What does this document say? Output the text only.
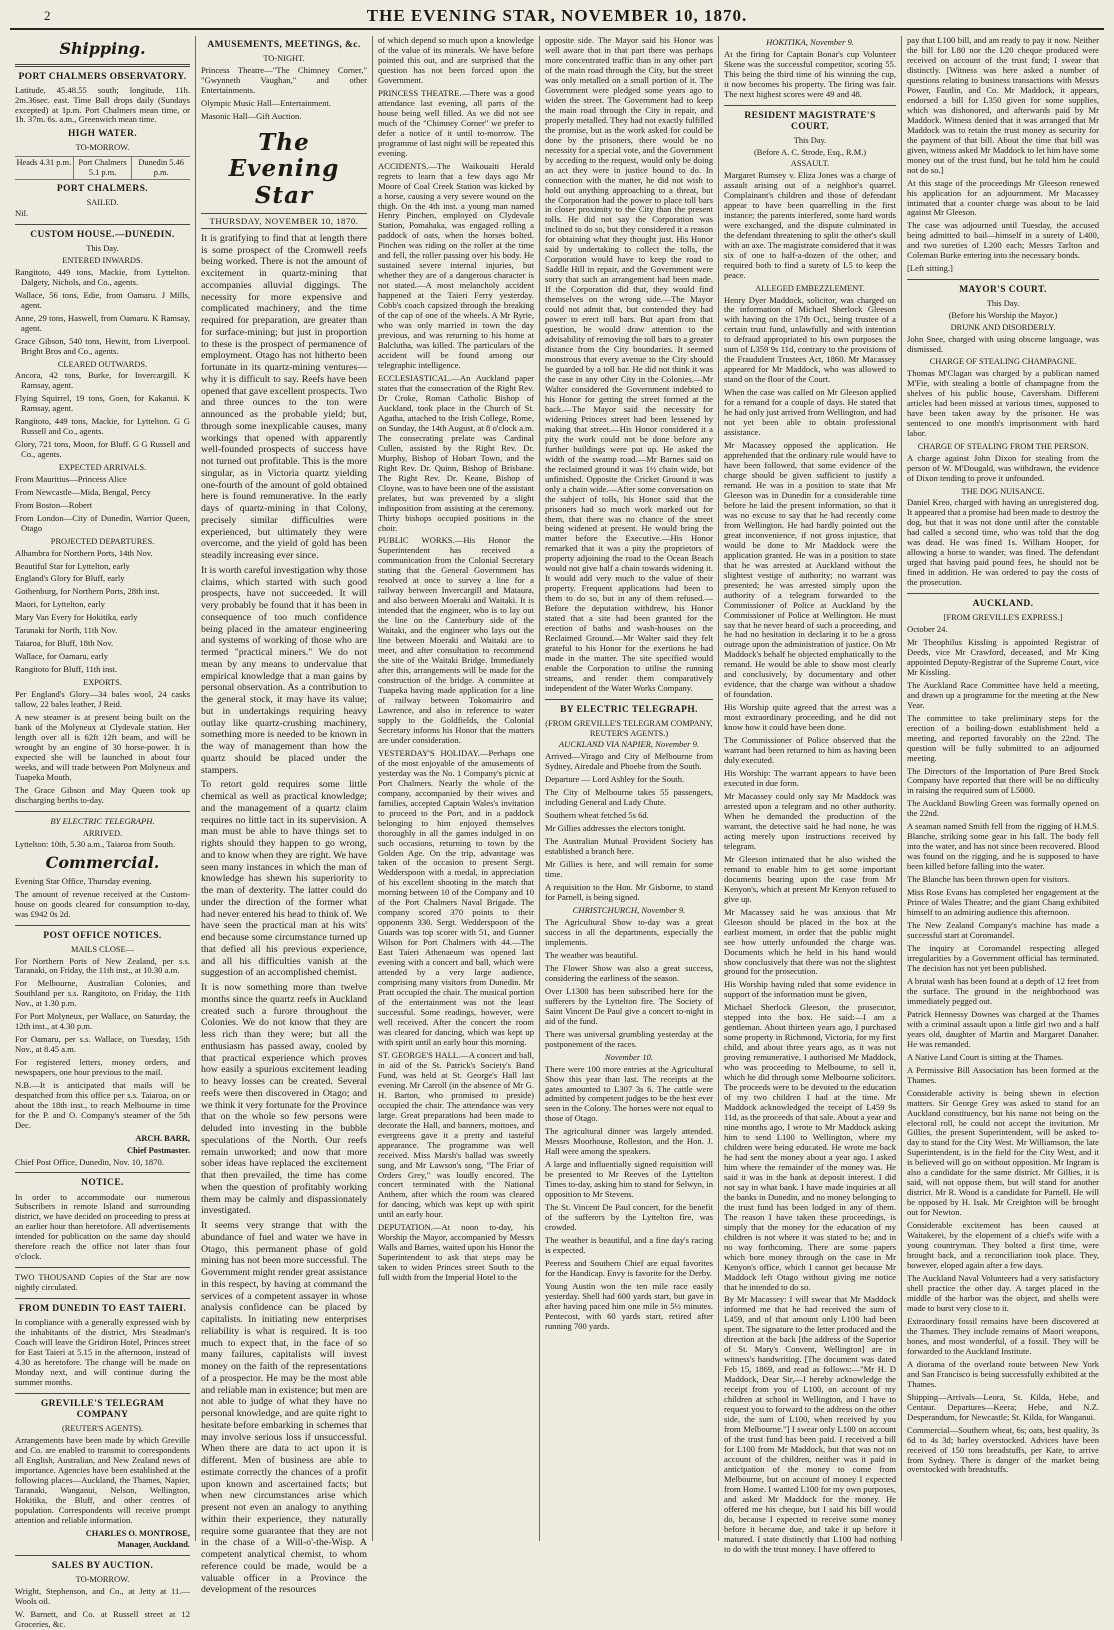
2	THE EVENING STAR, NOVEMBER 10, 1870.
Shipping.
PORT CHALMERS OBSERVATORY.

Latitude, 45.48.55 south; longitude, 11h. 2m.36sec. east. Time Ball drops daily (Sundays excepted) at 1p.m. Port Chalmers mean time, or 1h. 37m. 6s. a.m., Greenwich mean time.

HIGH WATER.
TO-MORROW.
Heads 4.31 p.m. Port Chalmers 5.1 p.m.
Dunedin 5.46 p.m.
PORT CHALMERS.
SAILED.

Nil.

CUSTOM HOUSE.—DUNEDIN.
This Day.
ENTERED INWARDS.

Rangitoto, 449 tons, Mackie, from Lyttelton. Dalgety, Nichols, and Co., agents.

Wallace, 56 tons, Edie, from Oamaru. J Mills, agent.

Anne, 29 tons, Haswell, from Oamaru. K Ramsay, agent.

Grace Gibson, 540 tons, Hewitt, from Liverpool. Bright Bros and Co., agents.

CLEARED OUTWARDS.

Ancora, 42 tons, Burke, for Invercargill. K Ramsay, agent.

Flying Squirrel, 19 tons, Goen, for Kakanui. K Ramsay, agent.

Rangitoto, 449 tons, Mackie, for Lyttelton. G G Russell and Co., agents.

Glory, 721 tons, Moon, for Bluff. G G Russell and Co., agents.

EXPECTED ARRIVALS.

From Mauritius—Princess Alice

From Newcastle—Mida, Bengal, Percy

From Boston—Robert

From London—City of Dunedin, Warrior Queen, Otago

PROJECTED DEPARTURES.

Alhambra for Northern Ports, 14th Nov.

Beautiful Star for Lyttelton, early

England's Glory for Bluff, early

Gothenburg, for Northern Ports, 28th inst.

Maori, for Lyttelton, early

Mary Van Every for Hokitika, early

Taranaki for North, 11th Nov.

Taiaroa, for Bluff, 18th Nov.

Wallace, for Oamaru, early

Rangitoto for Bluff, 11th inst.

EXPORTS.

Per England's Glory—34 bales wool, 24 casks tallow, 22 bales leather, J Reid.

A new steamer is at present being built on the bank of the Molyneux at Clydevale station. Her length over all is 62ft 12ft beam, and will be wrought by an engine of 30 horse-power. It is expected she will be launched in about four weeks, and will trade between Port Molyneux and Tuapeka Mouth.

The Grace Gibson and May Queen took up discharging berths to-day.

BY ELECTRIC TELEGRAPH.
ARRIVED.

Lyttelton: 10th, 5.30 a.m., Taiaroa from South.

Commercial.

Evening Star Office, Thursday evening.

The amount of revenue received at the Custom-house on goods cleared for consumption to-day, was £942 0s 2d.

POST OFFICE NOTICES.
MAILS CLOSE—

For Northern Ports of New Zealand, per s.s. Taranaki, on Friday, the 11th inst., at 10.30 a.m.

For Melbourne, Australian Colonies, and Southland per s.s. Rangitoto, on Friday, the 11th Nov., at 1.30 p.m.

For Port Molyneux, per Wallace, on Saturday, the 12th inst., at 4.30 p.m.

For Oamaru, per s.s. Wallace, on Tuesday, 15th Nov., at 8.45 a.m.

For registered letters, money orders, and newspapers, one hour previous to the mail.

N.B.—It is anticipated that mails will be despatched from this office per s.s. Taiaroa, on or about the 18th inst., to reach Melbourne in time for the P. and O. Company's steamer of the 5th Dec.

ARCH. BARR,
Chief Postmaster.

Chief Post Office, Dunedin, Nov. 10, 1870.

NOTICE.

In order to accommodate our numerous Subscribers in remote Island and surrounding district, we have decided on proceeding to press at an earlier hour than heretofore. All advertisements intended for publication on the same day should therefore reach the office not later than four o'clock.

TWO THOUSAND Copies of the Star are now nightly circulated.

FROM DUNEDIN TO EAST TAIERI.

In compliance with a generally expressed wish by the inhabitants of the district, Mrs Steadman's Coach will leave the Gridiron Hotel, Princes street for East Taieri at 5.15 in the afternoon, instead of 4.30 as heretofore. The change will be made on Monday next, and will continue during the summer months.

GREVILLE'S TELEGRAM COMPANY
(REUTER'S AGENTS).

Arrangements have been made by which Greville and Co. are enabled to transmit to correspondents all English, Australian, and New Zealand news of importance. Agencies have been established at the following places—Auckland, the Thames, Napier, Taranaki, Wanganui, Nelson, Wellington, Hokitika, the Bluff, and other centres of population. Correspondents will receive prompt attention and reliable information.

CHARLES O. MONTROSE,
Manager, Auckland.
SALES BY AUCTION.
TO-MORROW.

Wright, Stephenson, and Co., at Jetty at 11.—Wools oil.

W. Barnett, and Co. at Russell street at 12 Groceries, &c.

AMUSEMENTS, MEETINGS, &c.
TO-NIGHT.

Princess Theatre—"The Chimney Corner," "Gwynneth Vaughan," and other Entertainments.

Olympic Music Hall—Entertainment.

Masonic Hall—Gift Auction.

The Evening Star
THURSDAY, NOVEMBER 10, 1870.

It is gratifying to find that at length there is some prospect of the Cromwell reefs being worked. There is not the amount of excitement in quartz-mining that accompanies alluvial diggings. The necessity for more expensive and complicated machinery, and the time required for preparation, are greater than for surface-mining; but just in proportion to these is the prospect of permanence of employment. Otago has not hitherto been fortunate in its quartz-mining ventures—why it is difficult to say. Reefs have been opened that gave excellent prospects. Two and three ounces to the ton were announced as the probable yield; but, through some inexplicable causes, many workings that opened with apparently well-founded prospects of success have not turned out profitable. This is the more singular, as in Victoria quartz yielding one-fourth of the amount of gold obtained here is found remunerative. In the early days of quartz-mining in that Colony, precisely similar difficulties were experienced, but ultimately they were overcome, and the yield of gold has been steadily increasing ever since.

It is worth careful investigation why those claims, which started with such good prospects, have not succeeded. It will very probably be found that it has been in consequence of too much confidence being placed in the amateur engineering and systems of working of those who are termed "practical miners." We do not mean by any means to undervalue that empirical knowledge that a man gains by personal observation. As a contribution to the general stock, it may have its value; but in undertakings requiring heavy outlay like quartz-crushing machinery, something more is needed to be known in the way of management than how the quartz should be placed under the stampers.

To retort gold requires some little chemical as well as practical knowledge; and the management of a quartz claim requires no little tact in its supervision. A man must be able to have things set to rights should they happen to go wrong, and to know when they are right. We have seen many instances in which the man of knowledge has shewn his superiority to the man of dexterity. The latter could do under the direction of the former what had never entered his head to think of. We have seen the practical man at his wits' end because some circumstance turned up that defied all his previous experience, and all his difficulties vanish at the suggestion of an accomplished chemist.

It is now something more than twelve months since the quartz reefs in Auckland created such a furore throughout the Colonies. We do not know that they are less rich than they were; but all the enthusiasm has passed away, cooled by that practical experience which proves how easily a spurious excitement leading to heavy losses can be created. Several reefs were then discovered in Otago; and we think it very fortunate for the Province that on the whole so few persons were deluded into investing in the bubble speculations of the North. Our reefs remain unworked; and now that more sober ideas have replaced the excitement that then prevailed, the time has come when the question of profitably working them may be calmly and dispassionately investigated.

It seems very strange that with the abundance of fuel and water we have in Otago, this permanent phase of gold mining has not been more successful. The Government might render great assistance in this respect, by having at command the services of a competent assayer in whose analysis confidence can be placed by capitalists. In initiating new enterprises reliability is what is required. It is too much to expect that, in the face of so many failures, capitalists will invest money on the faith of the representations of a prospector. He may be the most able and reliable man in existence; but men are not able to judge of what they have no personal knowledge, and are quite right to hesitate before embarking in schemes that may involve serious loss if unsuccessful. When there are data to act upon it is different. Men of business are able to estimate correctly the chances of a profit upon known and ascertained facts; but when new circumstances arise which present not even an analogy to anything within their experience, they naturally require some guarantee that they are not in the chase of a Will-o'-the-Wisp. A competent analytical chemist, to whom reference could be made, would be a valuable officer in a Province the development of the resources

of which depend so much upon a knowledge of the value of its minerals. We have before pointed this out, and are surprised that the question has not been forced upon the Government.

PRINCESS THEATRE.—There was a good attendance last evening, all parts of the house being well filled. As we did not see much of the "Chimney Corner" we prefer to defer a notice of it until to-morrow. The programme of last night will be repeated this evening.

ACCIDENTS.—The Waikouaiti Herald regrets to learn that a few days ago Mr Moore of Coal Creek Station was kicked by a horse, causing a very severe wound on the thigh. On the 4th inst. a young man named Henry Pinchen, employed on Clydevale Station, Pomahaka, was engaged rolling a paddock of oats, when the horses bolted. Pinchen was riding on the roller at the time and fell, the roller passing over his body. He sustained severe internal injuries, but whether they are of a dangerous character is not stated.—A most melancholy accident happened at the Taieri Ferry yesterday. Cobb's coach capsized through the breaking of the cap of one of the wheels. A Mr Ryrie, who was only married in town the day previous, and was returning to his home at Balclutha, was killed. The particulars of the accident will be found among our telegraphic intelligence.

ECCLESIASTICAL.—An Auckland paper states that the consecration of the Right Rev. Dr Croke, Roman Catholic Bishop of Auckland, took place in the Church of St. Agatha, attached to the Irish College, Rome, on Sunday, the 14th August, at 8 o'clock a.m. The consecrating prelate was Cardinal Cullen, assisted by the Right Rev. Dr. Murphy, Bishop of Hobart Town, and the Right Rev. Dr. Quinn, Bishop of Brisbane. The Right Rev. Dr. Keane, Bishop of Cloyne, was to have been one of the assistant prelates, but was prevented by a slight indisposition from assisting at the ceremony. Thirty bishops occupied positions in the choir.

PUBLIC WORKS.—His Honor the Superintendent has received a communication from the Colonial Secretary stating that the General Government has resolved at once to survey a line for a railway between Invercargill and Mataura, and also between Moeraki and Waitaki. It is intended that the engineer, who is to lay out the line on the Canterbury side of the Waitaki, and the engineer who lays out the line between Moeraki and Waitaki are to meet, and after consultation to recommend the site of the Waitaki Bridge. Immediately after this, arrangements will be made for the construction of the bridge. A committee at Tuapeka having made application for a line of railway between Tokomairiro and Lawrence, and also in reference to water supply to the Goldfields, the Colonial Secretary informs his Honor that the matters are under consideration.

YESTERDAY'S HOLIDAY.—Perhaps one of the most enjoyable of the amusements of yesterday was the No. 1 Company's picnic at Port Chalmers. Nearly the whole of the company, accompanied by their wives and families, accepted Captain Wales's invitation to proceed to the Port, and in a paddock belonging to him enjoyed themselves thoroughly in all the games indulged in on such occasions, returning to town by the Golden Age. On the trip, advantage was taken of the occasion to present Sergt. Wedderspoon with a medal, in appreciation of his excellent shooting in the match that morning between 10 of the Company and 10 of the Port Chalmers Naval Brigade. The company scored 370 points to their opponents 330. Sergt. Wedderspoon of the Guards was top scorer with 51, and Gunner Wilson for Port Chalmers with 44.—The East Taieri Athenaeum was opened last evening with a concert and ball, which were attended by a very large audience, comprising many visitors from Dunedin. Mr Pratt occupied the chair. The musical portion of the entertainment was not the least successful. Some readings, however, were well received. After the concert the room was cleared for dancing, which was kept up with spirit until an early hour this morning.

ST. GEORGE'S HALL.—A concert and ball, in aid of the St. Patrick's Society's Band Fund, was held at St. George's Hall last evening. Mr Carroll (in the absence of Mr G. H. Barton, who promised to preside) occupied the chair. The attendance was very large. Great preparations had been made to decorate the Hall, and banners, mottoes, and evergreens gave it a pretty and tasteful appearance. The programme was well received. Miss Marsh's ballad was sweetly sung, and Mr Lawson's song, "The Friar of Orders Grey," was loudly encored. The concert terminated with the National Anthem, after which the room was cleared for dancing, which was kept up with spirit until an early hour.

DEPUTATION.—At noon to-day, his Worship the Mayor, accompanied by Messrs Walls and Barnes, waited upon his Honor the Superintendent to ask that steps may be taken to widen Princes street South to the full width from the Imperial Hotel to the

opposite side. The Mayor said his Honor was well aware that in that part there was perhaps more concentrated traffic than in any other part of the main road through the City, but the street was only metalled on a small portion of it. The Government were pledged some years ago to widen the street. The Government had to keep the main road through the City in repair, and properly metalled. They had not exactly fulfilled the promise, but as the work asked for could be done by the prisoners, there would be no necessity for a special vote, and the Government by acceding to the request, would only be doing an act they were in justice bound to do. In connection with the matter, he did not wish to hold out anything approaching to a threat, but the Corporation had the power to place toll bars in closer proximity to the City than the present tolls. He did not say the Corporation was inclined to do so, but they considered it a reason for obtaining what they thought just. His Honor said by undertaking to collect the tolls, the Corporation would have to keep the road to Saddle Hill in repair, and the Government were sorry that such an arrangement had been made. If the Corporation did that, they would find themselves on the wrong side.—The Mayor could not admit that, but contended they had power to erect toll bars. But apart from that question, he would draw attention to the advisability of removing the toll bars to a greater distance from the City boundaries. It seemed monstrous that every avenue to the City should be guarded by a toll bar. He did not think it was the case in any other City in the Colonies.—Mr Walter considered the Government indebted to his Honor for getting the street formed at the back.—The Mayor said the necessity for widening Princes street had been lessened by making that street.—His Honor considered it a pity the work could not be done before any further buildings were put up. He asked the width of the swamp road.—Mr Barnes said on the reclaimed ground it was 1½ chain wide, but unfinished. Opposite the Cricket Ground it was only a chain wide.—After some conversation on the subject of tolls, his Honor said that the prisoners had so much work marked out for them, that there was no chance of the street being widened at present. He would bring the matter before the Executive.—His Honor remarked that it was a pity the proprietors of property adjoining the road to the Ocean Beach would not give half a chain towards widening it. It would add very much to the value of their property. Frequent applications had been to them to do so, but in any of them refused.—Before the deputation withdrew, his Honor stated that a site had been granted for the erection of baths and wash-houses on the Reclaimed Ground.—Mr Walter said they felt grateful to his Honor for the exertions he had made in the matter. The site specified would enable the Corporation to utilise the running streams, and render them comparatively independent of the Water Works Company.

BY ELECTRIC TELEGRAPH.
(FROM GREVILLE'S TELEGRAM COMPANY, REUTER'S AGENTS.)
AUCKLAND VIA NAPIER, November 9.

Arrived—Virago and City of Melbourne from Sydney, Airedale and Phoebe from the South.

Departure — Lord Ashley for the South.

The City of Melbourne takes 55 passengers, including General and Lady Chute.

Southern wheat fetched 5s 6d.

Mr Gillies addresses the electors tonight.

The Australian Mutual Provident Society has established a branch here.

Mr Gillies is here, and will remain for some time.

A requisition to the Hon. Mr Gisborne, to stand for Parnell, is being signed.

CHRISTCHURCH, November 9.

The Agricultural Show to-day was a great success in all the departments, especially the implements.

The weather was beautiful.

The Flower Show was also a great success, considering the earliness of the season.

Over L1300 has been subscribed here for the sufferers by the Lyttelton fire. The Society of Saint Vincent De Paul give a concert to-night in aid of the fund.

There was universal grumbling yesterday at the postponement of the races.

November 10.

There were 100 more entries at the Agricultural Show this year than last. The receipts at the gates amounted to L307 3s 6. The cattle were admitted by competent judges to be the best ever seen in the Colony. The horses were not equal to those of Otago.

The agricultural dinner was largely attended. Messrs Moorhouse, Rolleston, and the Hon. J. Hall were among the speakers.

A large and influentially signed requisition will be presented to Mr Reeves of the Lyttelton Times to-day, asking him to stand for Selwyn, in opposition to Mr Stevens.

The St. Vincent De Paul concert, for the benefit of the sufferers by the Lyttelton fire, was crowded.

The weather is beautiful, and a fine day's racing is expected.

Peeress and Southern Chief are equal favorites for the Handicap. Envy is favorite for the Derby.

Young Austin won the ten mile race easily yesterday. Shell had 600 yards start, but gave in after having paced him one mile in 5½ minutes. Pentecost, with 60 yards start, retired after running 700 yards.

HOKITIKA, November 9.

At the firing for Captain Bonar's cup Volunteer Skene was the successful competitor, scoring 55. This being the third time of his winning the cup, it now becomes his property. The firing was fair. The next highest scores were 49 and 48.

RESIDENT MAGISTRATE'S COURT.
This Day.
(Before A. C. Strode, Esq., R.M.)
ASSAULT.

Margaret Rumsey v. Eliza Jones was a charge of assault arising out of a neighbor's quarrel. Complainant's children and those of defendant appear to have been quarrelling in the first instance; the parents interfered, some hard words were exchanged, and the dispute culminated in the defendant threatening to split the other's skull with an axe. The magistrate considered that it was six of one to half-a-dozen of the other, and required both to find a surety of L5 to keep the peace.

ALLEGED EMBEZZLEMENT.

Henry Dyer Maddock, solicitor, was charged on the information of Michael Sherlock Gleeson with having on the 17th Oct., being trustee of a certain trust fund, unlawfully and with intention to defraud appropriated to his own purposes the sum of L359 9s 11d, contrary to the provisions of the Fraudulent Trustees Act, 1860. Mr Macassey appeared for Mr Maddock, who was allowed to stand on the floor of the Court.

When the case was called on Mr Gleeson applied for a remand for a couple of days. He stated that he had only just arrived from Wellington, and had not yet been able to obtain professional assistance.

Mr Macassey opposed the application. He apprehended that the ordinary rule would have to have been followed, that some evidence of the charge should be given sufficient to justify a remand. He was in a position to state that Mr Gleeson was in Dunedin for a considerable time before he laid the present information, so that it was no excuse to say that he had recently come from Wellington. He had hardly pointed out the great inconvenience, if not gross injustice, that would be done to Mr Maddock were the application granted. He was in a position to state that he was arrested at Auckland without the slightest vestige of authority; no warrant was presented; he was arrested simply upon the authority of a telegram forwarded to the Commissioner of Police at Auckland by the Commissioner of Police at Wellington. He must say that he never heard of such a proceeding, and he had no hesitation in declaring it to be a gross outrage upon the administration of justice. On Mr Maddock's behalf he objected emphatically to the remand. He would be able to show most clearly and conclusively, by documentary and other evidence, that the charge was without a shadow of foundation.

His Worship quite agreed that the arrest was a most extraordinary proceeding, and he did not know how it could have been done.

The Commissioner of Police observed that the warrant had been returned to him as having been duly executed.

His Worship: The warrant appears to have been executed in due form.

Mr Macassey could only say Mr Maddock was arrested upon a telegram and no other authority. When he demanded the production of the warrant, the detective said he had none, he was acting merely upon instructions received by telegram.

Mr Gleeson intimated that he also wished the remand to enable him to get some important documents bearing upon the case from Mr Kenyon's, which at present Mr Kenyon refused to give up.

Mr Macassey said he was anxious that Mr Gleeson should be placed in the box at the earliest moment, in order that the public might see how utterly unfounded the charge was. Documents which he held in his hand would show conclusively that there was not the slightest ground for the prosecution.

His Worship having ruled that some evidence in support of the information must be given,

Michael Sherlock Gleeson, the prosecutor, stepped into the box. He said:—I am a gentleman. About thirteen years ago, I purchased some property in Richmond, Victoria, for my first child, and about three years ago, as it was not proving remunerative, I authorised Mr Maddock, who was proceeding to Melbourne, to sell it, which he did through some Melbourne solicitors. The proceeds were to be devoted to the education of my two children I had at the time. Mr Maddock acknowledged the receipt of L459 9s 11d, as the proceeds of that sale. About a year and nine months ago, I wrote to Mr Maddock asking him to send L100 to Wellington, where my children were being educated. He wrote me back he had sent the money about a year ago. I asked him where the remainder of the money was. He said it was in the bank at deposit interest. I did not say in what bank. I have made inquiries at all the banks in Dunedin, and no money belonging to the trust fund has been lodged in any of them. The reason I have taken these proceedings, is simply that the money for the education of my children is not where it was stated to be; and in no way forthcoming. There are some papers which bore money through on the case in Mr Kenyon's office, which I cannot get because Mr Maddock left Otago without giving me notice that he intended to do so.

By Mr Macassey: I will swear that Mr Maddock informed me that he had received the sum of L459, and of that amount only L100 had been spent. The signature to the letter produced and the direction at the back [the address of the Superior of St. Mary's Convent, Wellington] are in witness's handwriting. [The document was dated Feb 15, 1869, and read as follows:—"Mr H. D Maddock, Dear Sir,—I hereby acknowledge the receipt from you of L100, on account of my children at school in Wellington, and I have to request you to forward to the address on the other side, the sum of L100, when received by you from Melbourne."] I swear only L100 on account of the trust fund has been paid. I received a bill for L100 from Mr Maddock, but that was not on account of the children, neither was it paid in anticipation of the money to come from Melbourne, but on account of money I expected from Home. I wanted L100 for my own purposes, and asked Mr Maddock for the money. He offered me his cheque, but I said his bill would do, because I expected to receive some money before it became due, and take it up before it matured. I state distinctly that L100 had nothing to do with the trust money. I have offered to

pay that L100 bill, and am ready to pay it now. Neither the bill for L80 nor the L20 cheque produced were received on account of the trust fund; I swear that distinctly. [Witness was here asked a number of questions relating to business transactions with Messrs Power, Fautlin, and Co. Mr Maddock, it appears, endorsed a bill for L350 given for some supplies, which was dishonored, and afterwards paid by Mr Maddock. Witness denied that it was arranged that Mr Maddock was to retain the trust money as security for the payment of that bill. About the time that bill was given, witness asked Mr Maddock to let him have some money out of the trust fund, but he told him he could not do so.]

At this stage of the proceedings Mr Gleeson renewed his application for an adjournment. Mr Macassey intimated that a counter charge was about to be laid against Mr Gleeson.

The case was adjourned until Tuesday, the accused being admitted to bail—himself in a surety of L400, and two sureties of L200 each; Messrs Tarlton and Coleman Burke entering into the necessary bonds.

[Left sitting.]

MAYOR'S COURT.
This Day.
(Before his Worship the Mayor.)
DRUNK AND DISORDERLY.

John Snee, charged with using obscene language, was dismissed.

CHARGE OF STEALING CHAMPAGNE.

Thomas M'Clagan was charged by a publican named M'Fie, with stealing a bottle of champagne from the shelves of his public house, Caversham. Different articles had been missed at various times, supposed to have been taken away by the prisoner. He was sentenced to one month's imprisonment with hard labor.

CHARGE OF STEALING FROM THE PERSON.

A charge against John Dixon for stealing from the person of W. M'Dougald, was withdrawn, the evidence of Dixon tending to prove it unfounded.

THE DOG NUISANCE.

Daniel Kreo, charged with having an unregistered dog. It appeared that a promise had been made to destroy the dog, but that it was not done until after the constable had called a second time, who was told that the dog was dead. He was fined 1s. William Hooper, for allowing a horse to wander, was fined. The defendant urged that having paid pound fees, he should not be fined in addition. He was ordered to pay the costs of the prosecution.

AUCKLAND.
[FROM GREVILLE'S EXPRESS.]

October 24.

Mr Theophilus Kissling is appointed Registrar of Deeds, vice Mr Crawford, deceased, and Mr King appointed Deputy-Registrar of the Supreme Court, vice Mr Kissling.

The Auckland Race Committee have held a meeting, and drawn up a programme for the meeting at the New Year.

The committee to take preliminary steps for the erection of a boiling-down establishment held a meeting, and reported favorably on the 22nd. The question will be fully submitted to an adjourned meeting.

The Directors of the Importation of Pure Bred Stock Company have reported that there will be no difficulty in raising the required sum of L5000.

The Auckland Bowling Green was formally opened on the 22nd.

A seaman named Smith fell from the rigging of H.M.S. Blanche, striking some gear in his fall. The body fell into the water, and has not since been recovered. Blood was found on the rigging, and he is supposed to have been killed before falling into the water.

The Blanche has been thrown open for visitors.

Miss Rose Evans has completed her engagement at the Prince of Wales Theatre; and the giant Chang exhibited himself to an admiring audience this afternoon.

The New Zealand Company's machine has made a successful start at Coromandel.

The inquiry at Coromandel respecting alleged irregularities by a Government official has terminated. The decision has not yet been published.

A brutal wash has been found at a depth of 12 feet from the surface. The ground in the neighborhood was immediately pegged out.

Patrick Hennessy Downes was charged at the Thames with a criminal assault upon a little girl two and a half years old, daughter of Martin and Margaret Danaher. He was remanded.

A Native Land Court is sitting at the Thames.

A Permissive Bill Association has been formed at the Thames.

Considerable activity is being shewn in election matters. Sir George Grey was asked to stand for an Auckland constituency, but his name not being on the electoral roll, he could not accept the invitation. Mr Gillies, the present Superintendent, will be asked to-day to stand for the City West. Mr Williamson, the late Superintendent, is in the field for the City West, and it is believed will go on without opposition. Mr Ingram is also a candidate for the same district. Mr Gillies, it is said, will not oppose them, but will stand for another district. Mr R. Wood is a candidate for Parnell. He will be opposed by H. Isak. Mr Creighton will be brought out for Newton.

Considerable excitement has been caused at Waitakerei, by the elopement of a chief's wife with a young countryman. They bolted a first time, were brought back, and a reconciliation took place. They, however, eloped again after a few days.

The Auckland Naval Volunteers had a very satisfactory shell practice the other day. A target placed in the middle of the harbor was the object, and shells were made to burst very close to it.

Extraordinary fossil remains have been discovered at the Thames. They include remains of Maori weapons, bones, and most wonderful, of a fossil. They will be forwarded to the Auckland Institute.

A diorama of the overland route between New York and San Francisco is being successfully exhibited at the Thames.

Shipping—Arrivals—Leora, St. Kilda, Hebe, and Centaur. Departures—Keera; Hebe, and N.Z. Desperandum, for Newcastle; St. Kilda, for Wanganui.

Commercial—Southern wheat, 6s; oats, best quality, 3s 6d to 4s 3d; barley overstocked. Advices have been received of 150 tons breadstuffs, per Kate, to arrive from Sydney. There is danger of the market being overstocked with breadstuffs.
